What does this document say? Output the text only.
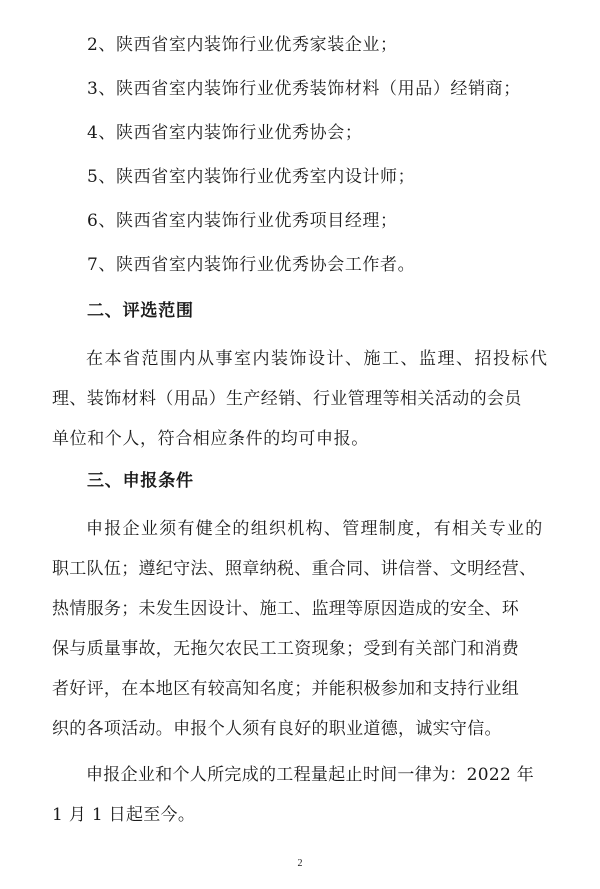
2、陕西省室内装饰行业优秀家装企业；
3、陕西省室内装饰行业优秀装饰材料（用品）经销商；
4、陕西省室内装饰行业优秀协会；
5、陕西省室内装饰行业优秀室内设计师；
6、陕西省室内装饰行业优秀项目经理；
7、陕西省室内装饰行业优秀协会工作者。
二、评选范围
在本省范围内从事室内装饰设计、施工、监理、招投标代
理、装饰材料（用品）生产经销、行业管理等相关活动的会员
单位和个人，符合相应条件的均可申报。
三、申报条件
申报企业须有健全的组织机构、管理制度，有相关专业的
职工队伍；遵纪守法、照章纳税、重合同、讲信誉、文明经营、
热情服务；未发生因设计、施工、监理等原因造成的安全、环
保与质量事故，无拖欠农民工工资现象；受到有关部门和消费
者好评，在本地区有较高知名度；并能积极参加和支持行业组
织的各项活动。申报个人须有良好的职业道德，诚实守信。
申报企业和个人所完成的工程量起止时间一律为：2022 年
1 月 1 日起至今。
2
